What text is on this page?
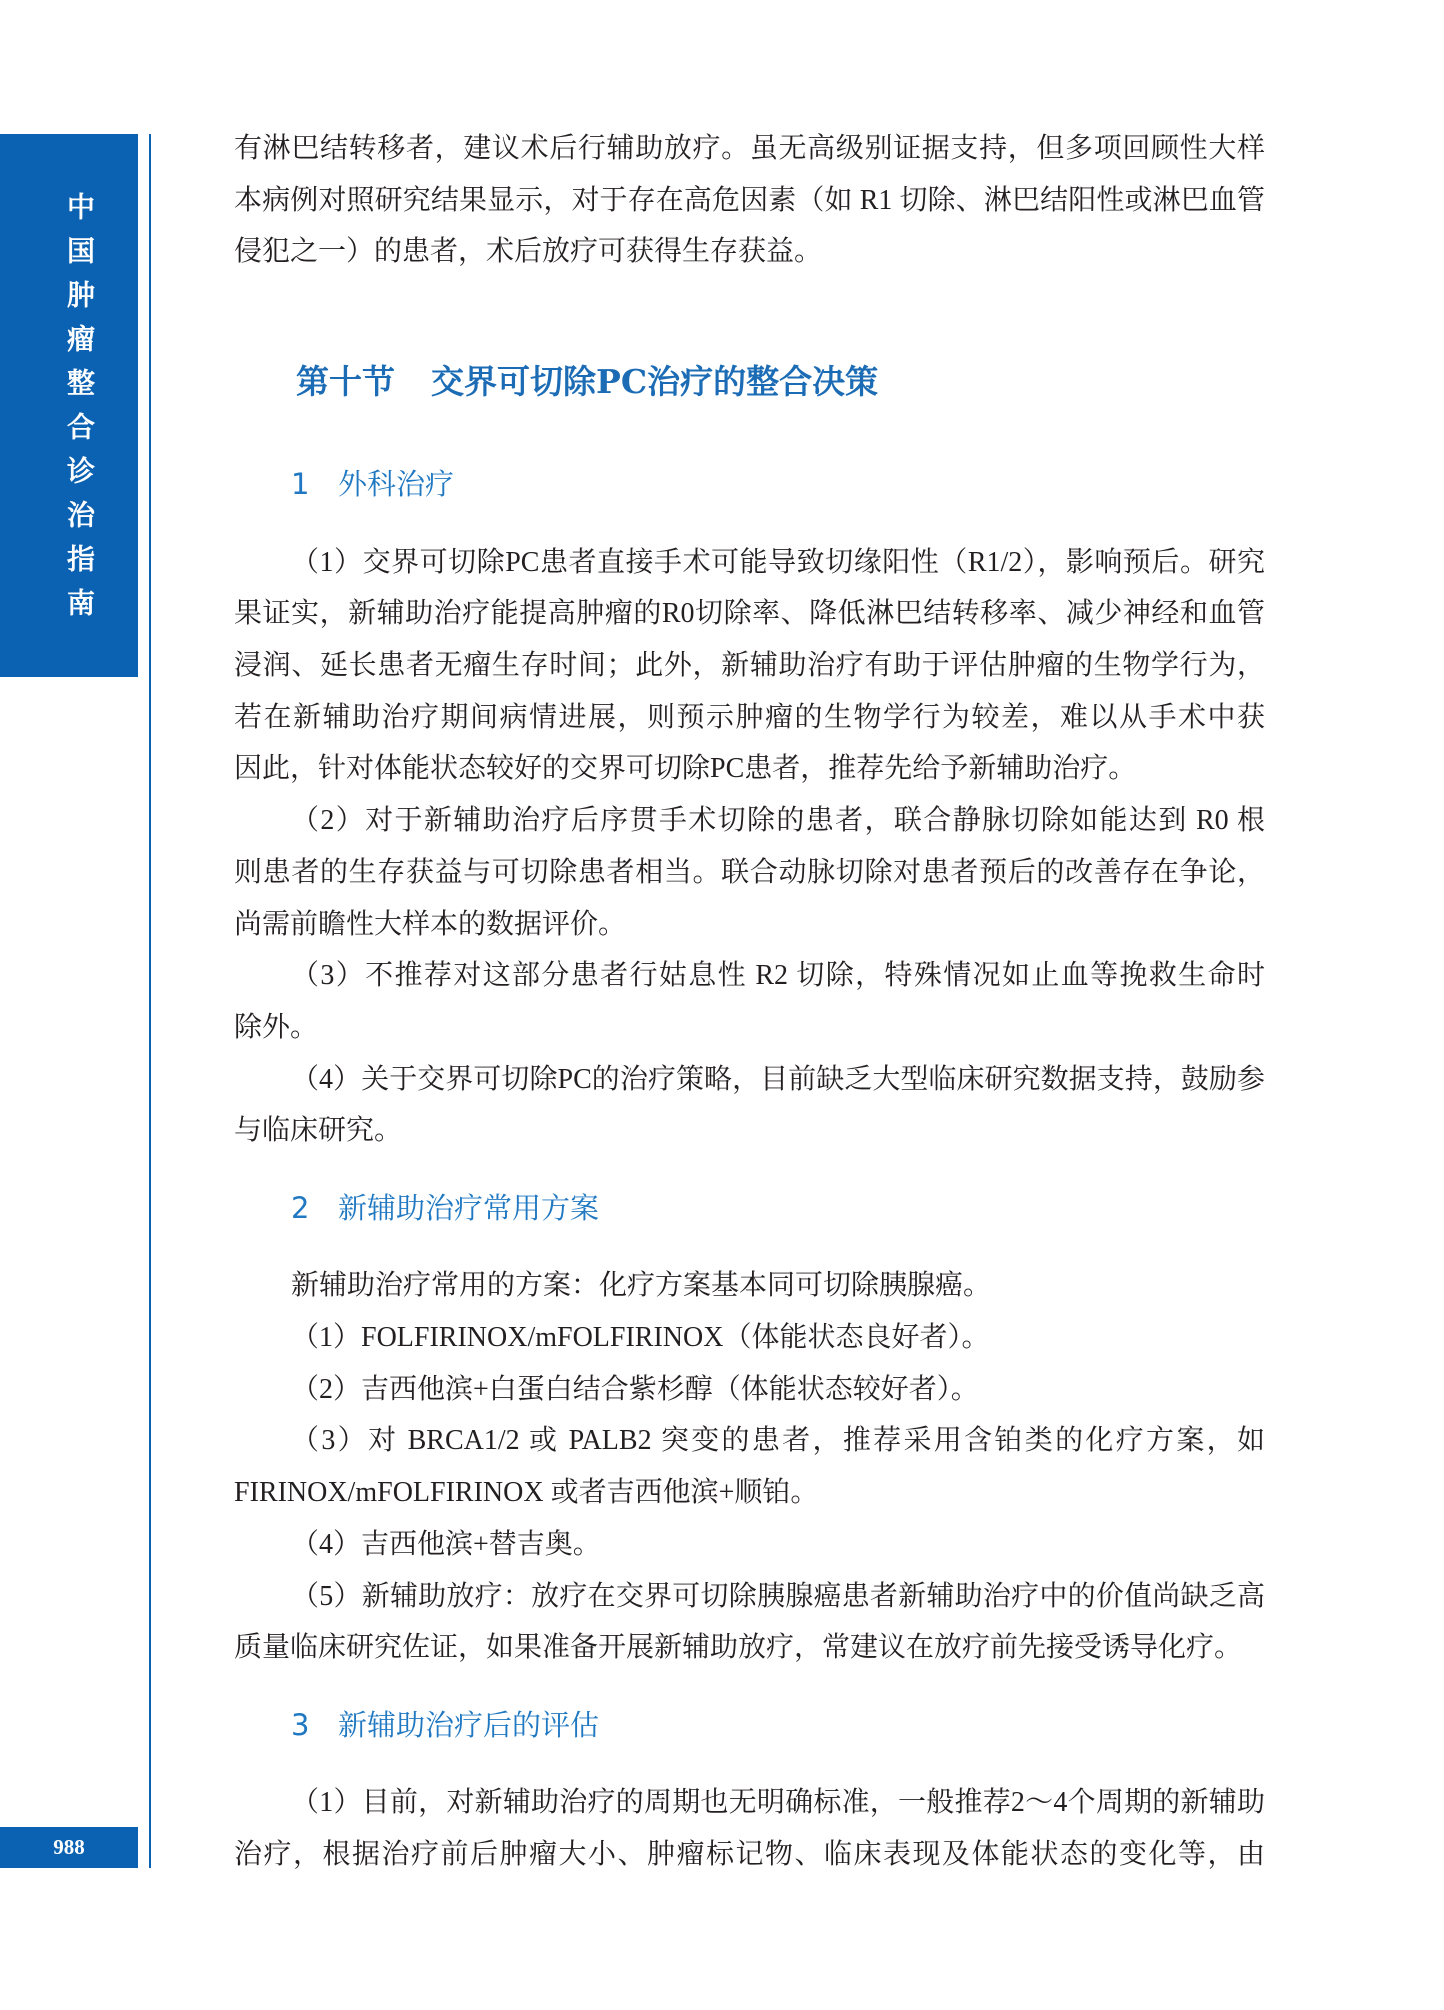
中国肿瘤整合诊治指南
988
有淋巴结转移者，建议术后行辅助放疗。虽无高级别证据支持，但多项回顾性大样
本病例对照研究结果显示，对于存在高危因素（如 R1 切除、淋巴结阳性或淋巴血管
侵犯之一）的患者，术后放疗可获得生存获益。
第十节 交界可切除PC治疗的整合决策
1 外科治疗
（1）交界可切除PC患者直接手术可能导致切缘阳性（R1/2），影响预后。研究
果证实，新辅助治疗能提高肿瘤的R0切除率、降低淋巴结转移率、减少神经和血管
浸润、延长患者无瘤生存时间；此外，新辅助治疗有助于评估肿瘤的生物学行为，
若在新辅助治疗期间病情进展，则预示肿瘤的生物学行为较差，难以从手术中获
因此，针对体能状态较好的交界可切除PC患者，推荐先给予新辅助治疗。
（2）对于新辅助治疗后序贯手术切除的患者，联合静脉切除如能达到 R0 根
则患者的生存获益与可切除患者相当。联合动脉切除对患者预后的改善存在争论，
尚需前瞻性大样本的数据评价。
（3）不推荐对这部分患者行姑息性 R2 切除，特殊情况如止血等挽救生命时
除外。
（4）关于交界可切除PC的治疗策略，目前缺乏大型临床研究数据支持，鼓励参
与临床研究。
2 新辅助治疗常用方案
新辅助治疗常用的方案：化疗方案基本同可切除胰腺癌。
（1）FOLFIRINOX/mFOLFIRINOX（体能状态良好者）。
（2）吉西他滨+白蛋白结合紫杉醇（体能状态较好者）。
（3）对 BRCA1/2 或 PALB2 突变的患者，推荐采用含铂类的化疗方案，如
FIRINOX/mFOLFIRINOX 或者吉西他滨+顺铂。
（4）吉西他滨+替吉奥。
（5）新辅助放疗：放疗在交界可切除胰腺癌患者新辅助治疗中的价值尚缺乏高
质量临床研究佐证，如果准备开展新辅助放疗，常建议在放疗前先接受诱导化疗。
3 新辅助治疗后的评估
（1）目前，对新辅助治疗的周期也无明确标准，一般推荐2～4个周期的新辅助
治疗，根据治疗前后肿瘤大小、肿瘤标记物、临床表现及体能状态的变化等，由
